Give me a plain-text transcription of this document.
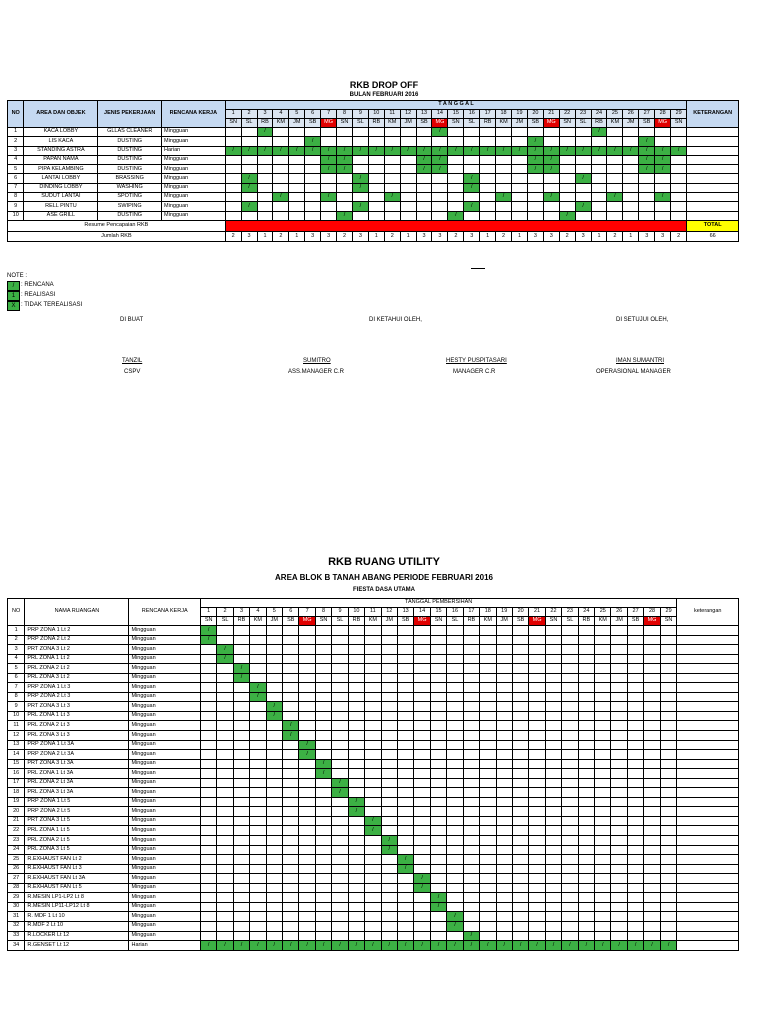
RKB DROP OFF
BULAN FEBRUARI 2016
NO	AREA DAN OBJEK	JENIS PEKERJAAN	RENCANA KERJA	T A N G G A L																													KETERANGAN
				1	2	3	4	5	6	7	8	9	10	11	12	13	14	15	16	17	18	19	20	21	22	23	24	25	26	27	28	29	
				SN	SL	RB	KM	JM	SB	MG	SN	SL	RB	KM	JM	SB	MG	SN	SL	RB	KM	JM	SB	MG	SN	SL	RB	KM	JM	SB	MG	SN	
1	KACA LOBBY	GLLAS CLEANER	Mingguan			/											/										/						
2	LIS KACA	DUSTING	Mingguan						/														/							/			
3	STANDING ASTRA	DUSTING	Harian	/	/	/	/	/	/	/	/	/	/	/	/	/	/	/	/	/	/	/	/	/	/	/	/	/	/	/	/	/	
4	PAPAN NAMA	DUSTING	Mingguan							/	/					/	/						/	/						/	/		
5	PIPA KELAMBING	DUSTING	Mingguan							/	/					/	/						/	/						/	/		
6	LANTAI LOBBY	BRASSING	Mingguan		/							/							/							/							
7	DINDING LOBBY	WASHING	Mingguan		/							/							/														
8	SUDUT LANTAI	SPOTING	Mingguan				/			/				/							/			/				/			/		
9	RELL PINTU	SWIPING	Mingguan		/							/							/							/							
10	ASE GRILL	DUSTING	Mingguan								/							/							/								
Resume Pencapaian RKB																																	TOTAL
Jumlah RKB				2	3	1	2	1	3	3	2	3	1	2	1	3	3	2	3	1	2	1	3	3	2	3	1	2	1	3	3	2	66
NOTE :
/	: RENCANA
1 : REALISASI
X : TIDAK TEREALISASI
DI BUAT	DI KETAHUI OLEH,	DI SETUJUI OLEH,
TANZIL
CSPV
SUMITRO
ASS.MANAGER C.R
HESTY PUSPITASARI
MANAGER C.R
IMAN SUMANTRI
OPERASIONAL MANAGER
RKB RUANG UTILITY
AREA BLOK B TANAH ABANG PERIODE FEBRUARI 2016
FIESTA DASA UTAMA
NO	NAMA RUANGAN	RENCANA KERJA	TANGGAL PEMBERSIHAN																													keterangan
			1	2	3	4	5	6	7	8	9	10	11	12	13	14	15	16	17	18	19	20	21	22	23	24	25	26	27	28	29	
			SN	SL	RB	KM	JM	SB	MG	SN	SL	RB	KM	JM	SB	MG	SN	SL	RB	KM	JM	SB	MG	SN	SL	RB	KM	JM	SB	MG	SN	
1	PRP ZONA 1 Lt 2	Mingguan	/																													
2	PRP ZONA 2 Lt 2	Mingguan	/																													
3	PRT ZONA 3 Lt 2	Mingguan		/																												
4	PRL ZONA 1 Lt 2	Mingguan		/																												
5	PRL ZONA 2 Lt 2	Mingguan			/																											
6	PRL ZONA 3 Lt 2	Mingguan			/																											
7	PRP ZONA 1 Lt 3	Mingguan				/																										
8	PRP ZONA 2 Lt 3	Mingguan				/																										
9	PRT ZONA 3 Lt 3	Mingguan					/																									
10	PRL ZONA 1 Lt 3	Mingguan					/																									
11	PRL ZONA 2 Lt 3	Mingguan						/																								
12	PRL ZONA 3 Lt 3	Mingguan						/																								
13	PRP ZONA 1 Lt 3A	Mingguan							/																							
14	PRP ZONA 2 Lt 3A	Mingguan							/																							
15	PRT ZONA 3 Lt 3A	Mingguan								/																						
16	PRL ZONA 1 Lt 3A	Mingguan								/																						
17	PRL ZONA 2 Lt 3A	Mingguan									/																					
18	PRL ZONA 3 Lt 3A	Mingguan									/																					
19	PRP ZONA 1 Lt 5	Mingguan										/																				
20	PRP ZONA 2 Lt 5	Mingguan										/																				
21	PRT ZONA 3 Lt 5	Mingguan											/																			
22	PRL ZONA 1 Lt 5	Mingguan											/																			
23	PRL ZONA 2 Lt 5	Mingguan												/																		
24	PRL ZONA 3 Lt 5	Mingguan												/																		
25	R.EXHAUST FAN Lt 2	Mingguan													/																	
26	R.EXHAUST FAN Lt 3	Mingguan													/																	
27	R.EXHAUST FAN Lt 3A	Mingguan														/																
28	R.EXHAUST FAN Lt 5	Mingguan														/																
29	R.MESIN LP1-LP2 Lt 8	Mingguan															/															
30	R.MESIN LP11-LP12 Lt 8	Mingguan															/															
31	R. MDF 1 Lt 10	Mingguan																/														
32	R.MDF 2 Lt 10	Mingguan																/														
33	R.LOCKER Lt 12	Mingguan																	/													
34	R.GENSET Lt 12	Harian	/	/	/	/	/	/	/	/	/	/	/	/	/	/	/	/	/	/	/	/	/	/	/	/	/	/	/	/	/	
